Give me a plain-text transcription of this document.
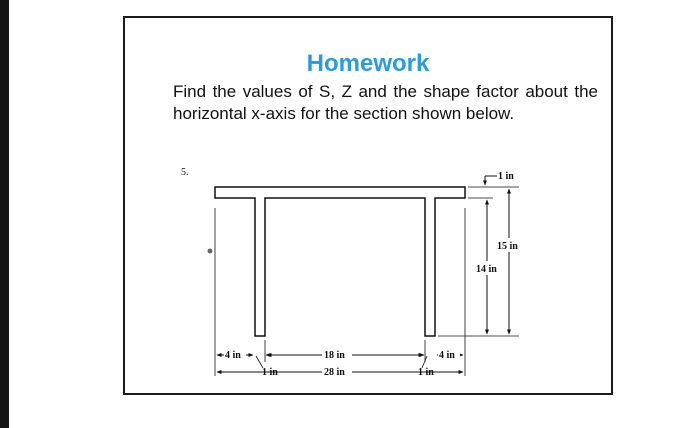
Homework
Find the values of S, Z and the shape factor about the horizontal x-axis for the section shown below.
5.	1 in
15 in
14 in
4 in
1 in
18 in
1 in
4 in
28 in
